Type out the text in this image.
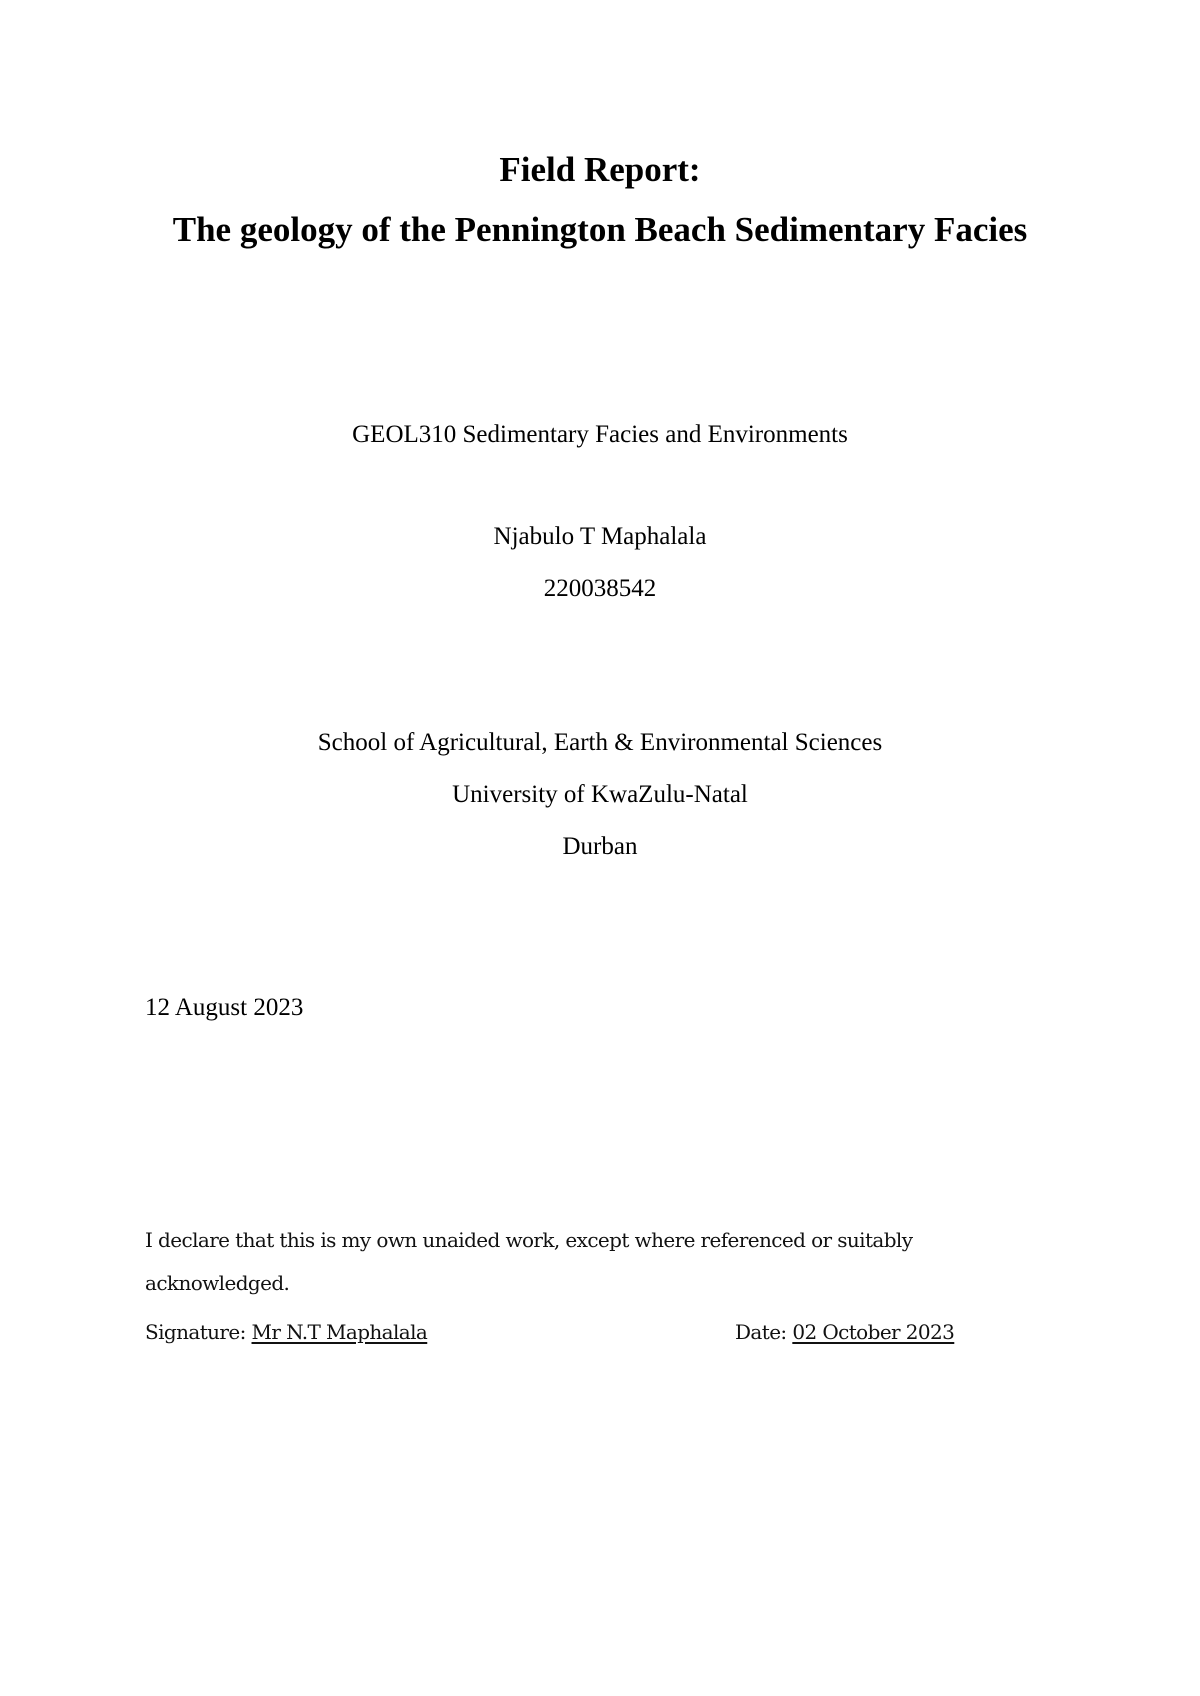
Field Report:
The geology of the Pennington Beach Sedimentary Facies
GEOL310 Sedimentary Facies and Environments
Njabulo T Maphalala
220038542
School of Agricultural, Earth & Environmental Sciences
University of KwaZulu-Natal
Durban
12 August 2023
I declare that this is my own unaided work, except where referenced or suitably acknowledged.
Signature: Mr N.T Maphalala	Date: 02 October 2023
